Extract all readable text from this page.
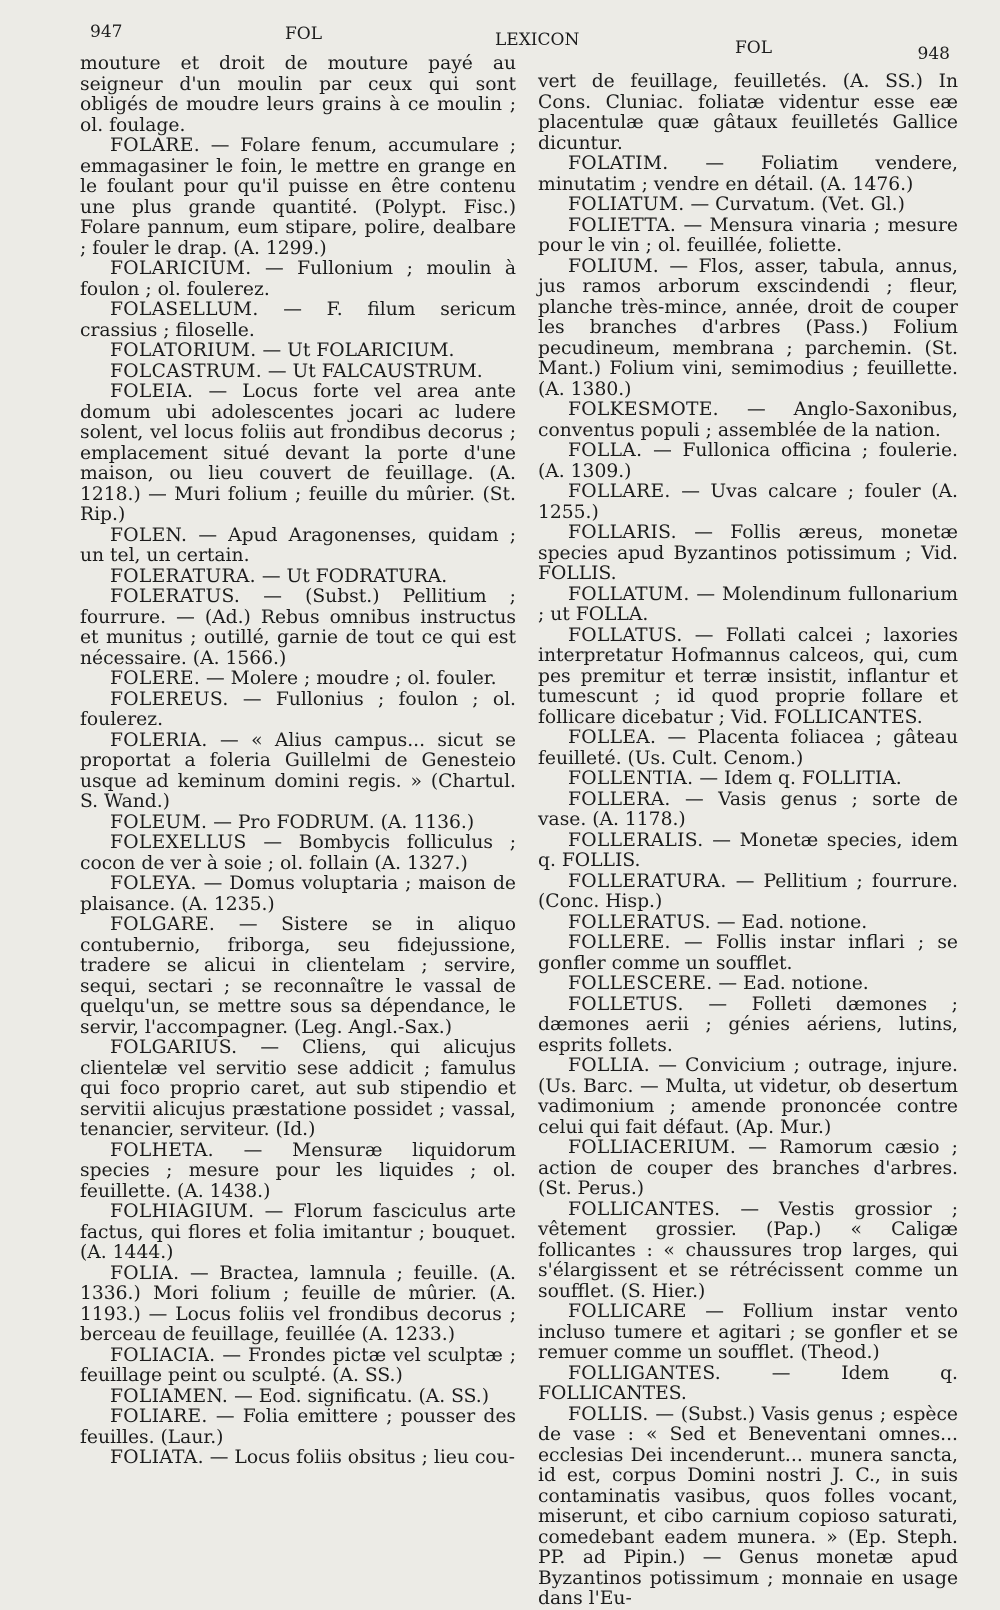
947	FOL	LEXICON	FOL	948

mouture et droit de mouture payé au seigneur d'un moulin par ceux qui sont obligés de moudre leurs grains à ce moulin ; ol. foulage.

FOLARE. — Folare fenum, accumulare ; emmagasiner le foin, le mettre en grange en le foulant pour qu'il puisse en être contenu une plus grande quantité. (Polypt. Fisc.) Folare pannum, eum stipare, polire, dealbare ; fouler le drap. (A. 1299.)

FOLARICIUM. — Fullonium ; moulin à foulon ; ol. foulerez.

FOLASELLUM. — F. filum sericum crassius ; filoselle.

FOLATORIUM. — Ut FOLARICIUM.

FOLCASTRUM. — Ut FALCAUSTRUM.

FOLEIA. — Locus forte vel area ante domum ubi adolescentes jocari ac ludere solent, vel locus foliis aut frondibus decorus ; emplacement situé devant la porte d'une maison, ou lieu couvert de feuillage. (A. 1218.) — Muri folium ; feuille du mûrier. (St. Rip.)

FOLEN. — Apud Aragonenses, quidam ; un tel, un certain.

FOLERATURA. — Ut FODRATURA.

FOLERATUS. — (Subst.) Pellitium ; fourrure. — (Ad.) Rebus omnibus instructus et munitus ; outillé, garnie de tout ce qui est nécessaire. (A. 1566.)

FOLERE. — Molere ; moudre ; ol. fouler.

FOLEREUS. — Fullonius ; foulon ; ol. foulerez.

FOLERIA. — « Alius campus... sicut se proportat a foleria Guillelmi de Genesteio usque ad keminum domini regis. » (Chartul. S. Wand.)

FOLEUM. — Pro FODRUM. (A. 1136.)

FOLEXELLUS — Bombycis folliculus ; cocon de ver à soie ; ol. follain (A. 1327.)

FOLEYA. — Domus voluptaria ; maison de plaisance. (A. 1235.)

FOLGARE. — Sistere se in aliquo contubernio, friborga, seu fidejussione, tradere se alicui in clientelam ; servire, sequi, sectari ; se reconnaître le vassal de quelqu'un, se mettre sous sa dépendance, le servir, l'accompagner. (Leg. Angl.-Sax.)

FOLGARIUS. — Cliens, qui alicujus clientelæ vel servitio sese addicit ; famulus qui foco proprio caret, aut sub stipendio et servitii alicujus præstatione possidet ; vassal, tenancier, serviteur. (Id.)

FOLHETA. — Mensuræ liquidorum species ; mesure pour les liquides ; ol. feuillette. (A. 1438.)

FOLHIAGIUM. — Florum fasciculus arte factus, qui flores et folia imitantur ; bouquet. (A. 1444.)

FOLIA. — Bractea, lamnula ; feuille. (A. 1336.) Mori folium ; feuille de mûrier. (A. 1193.) — Locus foliis vel frondibus decorus ; berceau de feuillage, feuillée (A. 1233.)

FOLIACIA. — Frondes pictæ vel sculptæ ; feuillage peint ou sculpté. (A. SS.)

FOLIAMEN. — Eod. significatu. (A. SS.)

FOLIARE. — Folia emittere ; pousser des feuilles. (Laur.)

FOLIATA. — Locus foliis obsitus ; lieu cou-

vert de feuillage, feuilletés. (A. SS.) In Cons. Cluniac. foliatæ videntur esse eæ placentulæ quæ gâtaux feuilletés Gallice dicuntur.

FOLATIM. — Foliatim vendere, minutatim ; vendre en détail. (A. 1476.)

FOLIATUM. — Curvatum. (Vet. Gl.)

FOLIETTA. — Mensura vinaria ; mesure pour le vin ; ol. feuillée, foliette.

FOLIUM. — Flos, asser, tabula, annus, jus ramos arborum exscindendi ; fleur, planche très-mince, année, droit de couper les branches d'arbres (Pass.) Folium pecudineum, membrana ; parchemin. (St. Mant.) Folium vini, semimodius ; feuillette. (A. 1380.)

FOLKESMOTE. — Anglo-Saxonibus, conventus populi ; assemblée de la nation.

FOLLA. — Fullonica officina ; foulerie. (A. 1309.)

FOLLARE. — Uvas calcare ; fouler (A. 1255.)

FOLLARIS. — Follis æreus, monetæ species apud Byzantinos potissimum ; Vid. FOLLIS.

FOLLATUM. — Molendinum fullonarium ; ut FOLLA.

FOLLATUS. — Follati calcei ; laxories interpretatur Hofmannus calceos, qui, cum pes premitur et terræ insistit, inflantur et tumescunt ; id quod proprie follare et follicare dicebatur ; Vid. FOLLICANTES.

FOLLEA. — Placenta foliacea ; gâteau feuilleté. (Us. Cult. Cenom.)

FOLLENTIA. — Idem q. FOLLITIA.

FOLLERA. — Vasis genus ; sorte de vase. (A. 1178.)

FOLLERALIS. — Monetæ species, idem q. FOLLIS.

FOLLERATURA. — Pellitium ; fourrure. (Conc. Hisp.)

FOLLERATUS. — Ead. notione.

FOLLERE. — Follis instar inflari ; se gonfler comme un soufflet.

FOLLESCERE. — Ead. notione.

FOLLETUS. — Folleti dæmones ; dæmones aerii ; génies aériens, lutins, esprits follets.

FOLLIA. — Convicium ; outrage, injure. (Us. Barc. — Multa, ut videtur, ob desertum vadimonium ; amende prononcée contre celui qui fait défaut. (Ap. Mur.)

FOLLIACERIUM. — Ramorum cæsio ; action de couper des branches d'arbres. (St. Perus.)

FOLLICANTES. — Vestis grossior ; vêtement grossier. (Pap.) « Caligæ follicantes : « chaussures trop larges, qui s'élargissent et se rétrécissent comme un soufflet. (S. Hier.)

FOLLICARE — Follium instar vento incluso tumere et agitari ; se gonfler et se remuer comme un soufflet. (Theod.)

FOLLIGANTES.	— Idem q. FOLLICANTES.

FOLLIS. — (Subst.) Vasis genus ; espèce de vase : « Sed et Beneventani omnes... ecclesias Dei incenderunt... munera sancta, id est, corpus Domini nostri J. C., in suis contaminatis vasibus, quos folles vocant, miserunt, et cibo carnium copioso saturati, comedebant eadem munera. » (Ep. Steph. PP. ad Pipin.) — Genus monetæ apud Byzantinos potissimum ; monnaie en usage dans l'Eu-
